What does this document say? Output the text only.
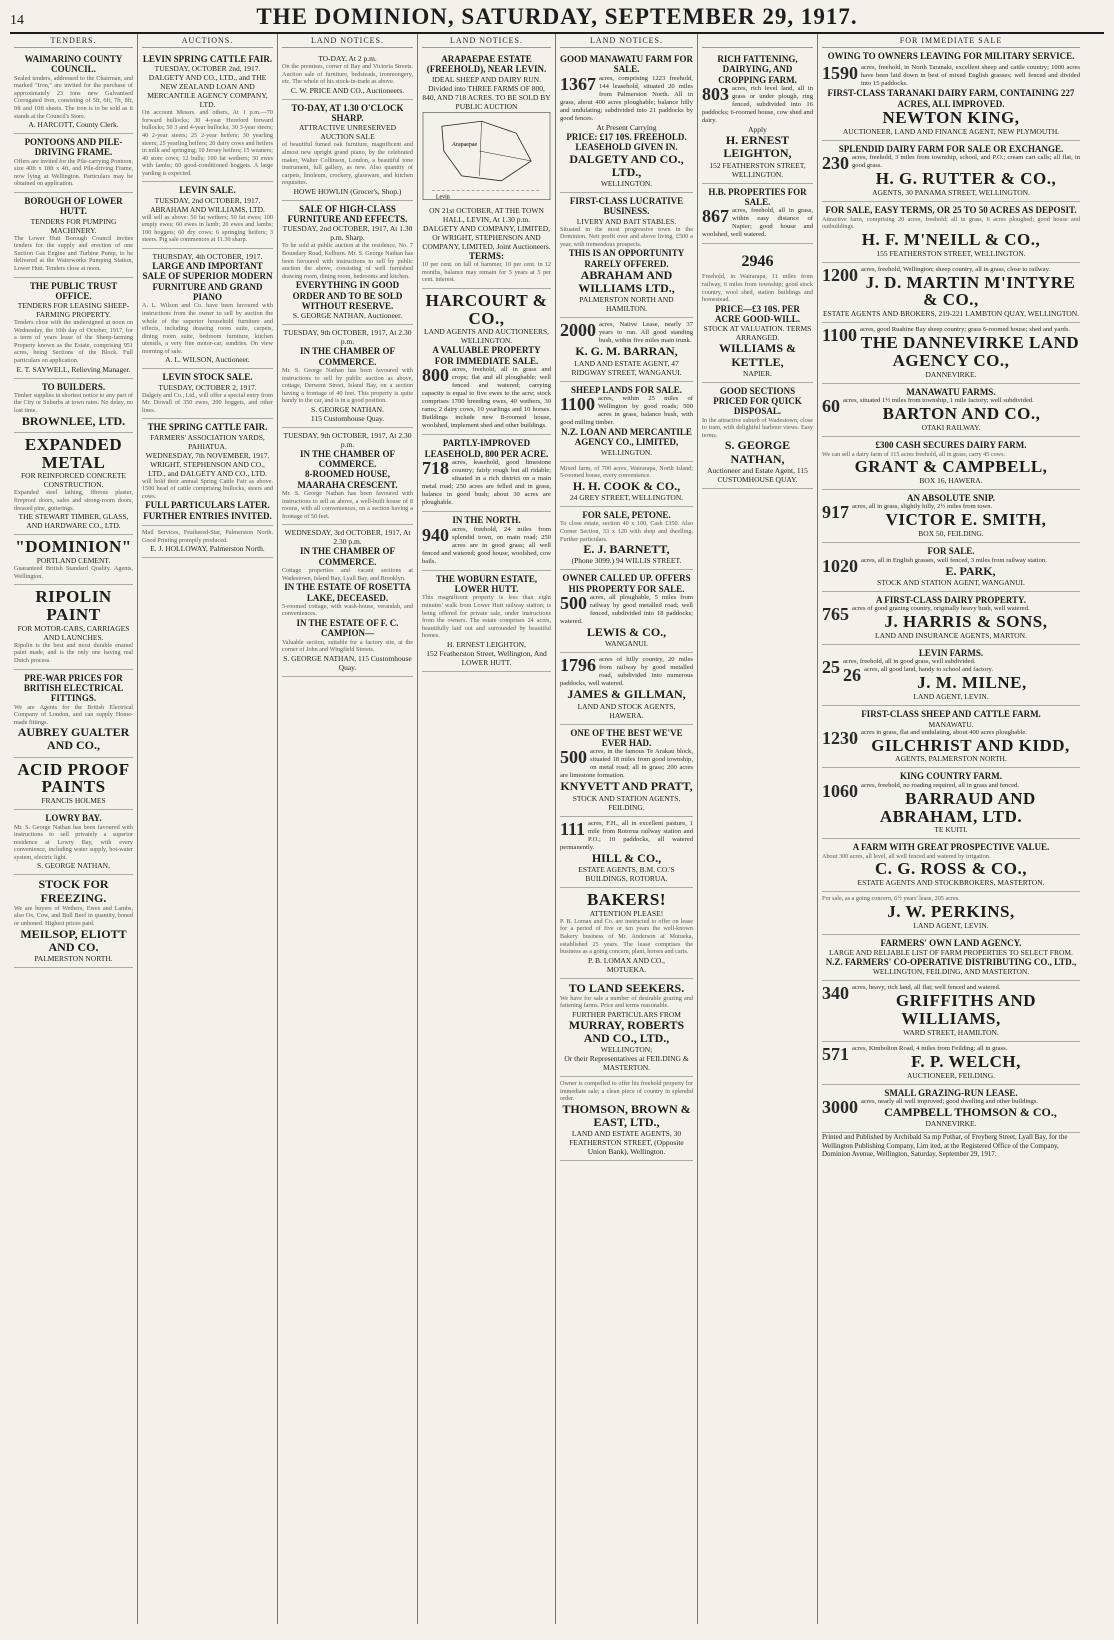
14	THE DOMINION, SATURDAY, SEPTEMBER 29, 1917.
TENDERS.
WAIMARINO COUNTY COUNCIL.
Sealed tenders, addressed to the Chairman, and marked "Iron," are invited for the purchase of approximately 23 tons new Galvanised Corrugated Iron, consisting of 5ft, 6ft, 7ft, 8ft, 9ft and 10ft sheets. The iron is to be sold as it stands at the Council's Store.
A. HARCOTT, County Clerk.
PONTOONS AND PILE-DRIVING FRAME.
Offers are invited for the Pile-carrying Pontoon, size 40ft x 18ft x 4ft, and Pile-driving Frame, now lying at Wellington. Particulars may be obtained on application.
BOROUGH OF LOWER HUTT.
TENDERS FOR PUMPING MACHINERY.
The Lower Hutt Borough Council invites tenders for the supply and erection of one Suction Gas Engine and Turbine Pump, to be delivered at the Waterworks Pumping Station, Lower Hutt. Tenders close at noon.
THE PUBLIC TRUST OFFICE.
TENDERS FOR LEASING SHEEP-FARMING PROPERTY.
Tenders close with the undersigned at noon on Wednesday, the 10th day of October, 1917, for a term of years lease of the Sheep-farming Property known as the Estate, comprising 951 acres, being Sections of the Block. Full particulars on application.
E. T. SAYWELL, Relieving Manager.
TO BUILDERS.
Timber supplies in shortest notice to any part of the City or Suburbs at town rates. No delay, no lost time.
BROWNLEE, LTD.
EXPANDED METAL
FOR REINFORCED CONCRETE CONSTRUCTION.
Expanded steel lathing, fibrous plaster, fireproof doors, safes and strong-room doors, dressed pine, gutterings.
THE STEWART TIMBER, GLASS, AND HARDWARE CO., LTD.
"DOMINION"
PORTLAND CEMENT.
Guaranteed British Standard Quality. Agents, Wellington.
RIPOLIN PAINT
FOR MOTOR-CARS, CARRIAGES AND LAUNCHES.
Ripolin is the best and most durable enamel paint made, and is the only one having real Dutch process.
PRE-WAR PRICES FOR BRITISH ELECTRICAL FITTINGS.
We are Agents for the British Electrical Company of London, and can supply Home-made fittings.
AUBREY GUALTER AND CO.,
ACID PROOF PAINTS
FRANCIS HOLMES
LOWRY BAY.
Mr. S. George Nathan has been favoured with instructions to sell privately a superior residence at Lowry Bay, with every convenience, including water supply, hot-water system, electric light.
S. GEORGE NATHAN,
STOCK FOR FREEZING.
We are buyers of Wethers, Ewes and Lambs, also Ox, Cow, and Bull Beef in quantity, boned or unboned. Highest prices paid.
MEILSOP, ELIOTT AND CO.
PALMERSTON NORTH.
AUCTIONS.
LEVIN SPRING CATTLE FAIR.
TUESDAY, OCTOBER 2nd, 1917.
DALGETY AND CO., LTD., and THE NEW ZEALAND LOAN AND MERCANTILE AGENCY COMPANY, LTD.
On account Messrs. and others, At 1 p.m.—70 forward bullocks; 30 4-year Hereford forward bullocks; 50 3 and 4-year bullocks; 30 3-year steers; 40 2-year steers; 25 2-year heifers; 30 yearling steers; 25 yearling heifers; 20 dairy cows and heifers in milk and springing; 10 Jersey heifers; 15 weaners; 40 store cows; 12 bulls; 100 fat wethers; 30 ewes with lambs; 60 good-conditioned hoggets. A large yarding is expected.
LEVIN SALE.
TUESDAY, 2nd OCTOBER, 1917.
ABRAHAM AND WILLIAMS, LTD.
will sell as above: 50 fat wethers; 50 fat ewes; 100 empty ewes; 60 ewes in lamb; 20 ewes and lambs; 100 hoggets; 60 dry cows; 6 springing heifers; 3 steers. Pig sale commences at 11.30 sharp.
THURSDAY, 4th OCTOBER, 1917.
LARGE AND IMPORTANT SALE OF SUPERIOR MODERN FURNITURE AND GRAND PIANO
A. L. Wilson and Co. have been favoured with instructions from the owner to sell by auction the whole of the superior household furniture and effects, including drawing room suite, carpets, dining room suite, bedroom furniture, kitchen utensils, a very fine motor-car, sundries. On view morning of sale.
A. L. WILSON, Auctioneer.
LEVIN STOCK SALE.
TUESDAY, OCTOBER 2, 1917.
Dalgety and Co., Ltd., will offer a special entry from Mr. Dowall of 350 ewes, 200 hoggets, and other lines.
THE SPRING CATTLE FAIR.
FARMERS' ASSOCIATION YARDS, PAHIATUA.
WEDNESDAY, 7th NOVEMBER, 1917.
WRIGHT, STEPHENSON AND CO., LTD., and DALGETY AND CO., LTD.
will hold their annual Spring Cattle Fair as above. 1500 head of cattle comprising bullocks, steers and cows.
FULL PARTICULARS LATER.
FURTHER ENTRIES INVITED.
Mail Services, Feathered-Star, Palmerston North. Good Printing promptly produced.
E. J. HOLLOWAY, Palmerston North.
LAND NOTICES.
TO-DAY, At 2 p.m.
On the premises, corner of Bay and Victoria Streets. Auction sale of furniture, bedsteads, ironmongery, etc. The whole of his stock-in-trade as above.
C. W. PRICE AND CO., Auctioneers.
TO-DAY, AT 1.30 O'CLOCK SHARP.
ATTRACTIVE UNRESERVED AUCTION SALE
of beautiful fumed oak furniture, magnificent and almost new upright grand piano, by the celebrated maker, Walter Collinson, London, a beautiful tone instrument, full gallery, as new. Also quantity of carpets, linoleum, crockery, glassware, and kitchen requisites.
HOWE HOWLIN (Grocer's, Shop.)
SALE OF HIGH-CLASS FURNITURE AND EFFECTS.
TUESDAY, 2nd OCTOBER, 1917, At 1.30 p.m. Sharp.
To be sold at public auction at the residence, No. 7 Boundary Road, Kelburn. Mr. S. George Nathan has been favoured with instructions to sell by public auction the above, consisting of well furnished drawing room, dining room, bedrooms and kitchen.
EVERYTHING IN GOOD ORDER AND TO BE SOLD WITHOUT RESERVE.
S. GEORGE NATHAN, Auctioneer.
TUESDAY, 9th OCTOBER, 1917, At 2.30 p.m.
IN THE CHAMBER OF COMMERCE.
Mr. S. George Nathan has been favoured with instructions to sell by public auction as above, cottage, Derwent Street, Island Bay, on a section having a frontage of 40 feet. This property is quite handy to the car, and is in a good position.
S. GEORGE NATHAN.
115 Customhouse Quay.
TUESDAY, 9th OCTOBER, 1917, At 2.30 p.m.
IN THE CHAMBER OF COMMERCE.
8-ROOMED HOUSE, MAARAHA CRESCENT.
Mr. S. George Nathan has been favoured with instructions to sell as above, a well-built house of 8 rooms, with all conveniences, on a section having a frontage of 50 feet.
WEDNESDAY, 3rd OCTOBER, 1917, At 2.30 p.m.
IN THE CHAMBER OF COMMERCE.
Cottage properties and vacant sections at Wadestown, Island Bay, Lyall Bay, and Brooklyn.
IN THE ESTATE OF ROSETTA LAKE, DECEASED.
5-roomed cottage, with wash-house, verandah, and conveniences.
IN THE ESTATE OF F. C. CAMPION—
Valuable section, suitable for a factory site, at the corner of John and Wingfield Streets.
S. GEORGE NATHAN, 115 Customhouse Quay.
LAND NOTICES.
ARAPAEPAE ESTATE (FREEHOLD), NEAR LEVIN.
IDEAL SHEEP AND DAIRY RUN. Divided into THREE FARMS OF 800, 840, AND 718 ACRES. TO BE SOLD BY PUBLIC AUCTION
Arapaepae
Levin
ON 21st OCTOBER, AT THE TOWN HALL, LEVIN, At 1.30 p.m.
DALGETY AND COMPANY, LIMITED, Or WRIGHT, STEPHENSON AND COMPANY, LIMITED, Joint Auctioneers.
TERMS:
10 per cent. on fall of hammer, 10 per cent. in 12 months, balance may remain for 5 years at 5 per cent. interest.
HARCOURT & CO.,
LAND AGENTS AND AUCTIONEERS, WELLINGTON.
A VALUABLE PROPERTY FOR IMMEDIATE SALE.
800 acres, freehold, all in grass and crops; flat and all ploughable; well fenced and watered; carrying capacity is equal to five ewes to the acre; stock comprises 1700 breeding ewes, 40 wethers, 30 rams; 2 dairy cows, 10 yearlings and 10 horses. Buildings include new 8-roomed house, woolshed, implement shed and other buildings.
PARTLY-IMPROVED LEASEHOLD, 800 PER ACRE.
718 acres, leasehold, good limestone country; fairly rough but all ridable; situated in a rich district on a main metal road; 250 acres are felled and in grass, balance in good bush; about 30 acres are ploughable.
IN THE NORTH.
940 acres, freehold, 24 miles from splendid town, on main road; 250 acres are in good grass; all well fenced and watered; good house, woolshed, cow bails.
THE WOBURN ESTATE, LOWER HUTT.
This magnificent property is less than eight minutes' walk from Lower Hutt railway station; is being offered for private sale, under instructions from the owners. The estate comprises 24 acres, beautifully laid out and surrounded by beautiful homes.
H. ERNEST LEIGHTON,
152 Featherston Street, Wellington, And LOWER HUTT.
LAND NOTICES.
GOOD MANAWATU FARM FOR SALE.
1367 acres, comprising 1223 freehold, 144 leasehold, situated 20 miles from Palmerston North. All in grass, about 400 acres ploughable; balance hilly and undulating; subdivided into 21 paddocks by good fences.
At Present Carrying
PRICE: £17 10S. FREEHOLD. LEASEHOLD GIVEN IN.
DALGETY AND CO., LTD.,
WELLINGTON.
FIRST-CLASS LUCRATIVE BUSINESS.
LIVERY AND BAIT STABLES.
Situated in the most progressive town in the Dominion. Nett profit over and above living, £500 a year, with tremendous prospects.
THIS IS AN OPPORTUNITY RARELY OFFERED.
ABRAHAM AND WILLIAMS LTD.,
PALMERSTON NORTH AND HAMILTON.
2000 acres, Native Lease, nearly 37 years to run. All good standing bush, within five miles main trunk.
K. G. M. BARRAN,
LAND AND ESTATE AGENT, 47 RIDGWAY STREET, WANGANUI.
SHEEP LANDS FOR SALE.
1100 acres, within 25 miles of Wellington by good roads; 500 acres in grass, balance bush, with good milling timber.
N.Z. LOAN AND MERCANTILE AGENCY CO., LIMITED,
WELLINGTON.
Mixed farm, of 700 acres, Wairarapa, North Island; 5-roomed house, every convenience.
H. H. COOK & CO.,
24 GREY STREET, WELLINGTON.
FOR SALE, PETONE.
To close estate, section 40 x 100, Cash £350. Also Corner Section, 33 x 120 with shop and dwelling. Further particulars.
E. J. BARNETT,
(Phone 3099.) 94 WILLIS STREET.
OWNER CALLED UP. OFFERS HIS PROPERTY FOR SALE.
500 acres, all ploughable, 5 miles from railway by good metalled road; well fenced, subdivided into 18 paddocks; watered.
LEWIS & CO.,
WANGANUI.
1796 acres of hilly country, 20 miles from railway by good metalled road, subdivided into numerous paddocks, well watered.
JAMES & GILLMAN,
LAND AND STOCK AGENTS, HAWERA.
ONE OF THE BEST WE'VE EVER HAD.
500 acres, in the famous Te Arakau block, situated 18 miles from good township, on metal road; all in grass; 200 acres are limestone formation.
KNYVETT AND PRATT,
STOCK AND STATION AGENTS, FEILDING.
111 acres, F.H., all in excellent pasture, 1 mile from Rotorua railway station and P.O.; 10 paddocks, all watered permanently.
HILL & CO.,
ESTATE AGENTS, B.M. CO.'S BUILDINGS, ROTORUA.
BAKERS!
ATTENTION PLEASE!
P. B. Lomax and Co. are instructed to offer on lease for a period of five or ten years the well-known Bakery business of Mr. Anderson at Motueka, established 25 years. The lease comprises the business as a going concern, plant, horses and carts.
P. B. LOMAX AND CO.,
MOTUEKA.
TO LAND SEEKERS.
We have for sale a number of desirable grazing and fattening farms. Price and terms reasonable.
FURTHER PARTICULARS FROM
MURRAY, ROBERTS AND CO., LTD.,
WELLINGTON;
Or their Representatives at FEILDING & MASTERTON.
Owner is compelled to offer his freehold property for immediate sale; a clean piece of country in splendid order.
THOMSON, BROWN & EAST, LTD.,
LAND AND ESTATE AGENTS, 30 FEATHERSTON STREET, (Opposite Union Bank), Wellington.

RICH FATTENING, DAIRYING, AND CROPPING FARM.
803 acres, rich level land, all in grass or under plough, ring fenced, subdivided into 16 paddocks; 6-roomed house, cow shed and dairy.
Apply
H. ERNEST LEIGHTON,
152 FEATHERSTON STREET, WELLINGTON.
H.B. PROPERTIES FOR SALE.
867 acres, freehold, all in grass, within easy distance of Napier; good house and woolshed, well watered.
2946
Freehold, in Wairarapa, 11 miles from railway, 6 miles from township; good stock country, wool shed, station buildings and homestead.
PRICE—£3 10S. PER ACRE GOOD-WILL.
STOCK AT VALUATION. TERMS ARRANGED.
WILLIAMS & KETTLE,
NAPIER.
GOOD SECTIONS PRICED FOR QUICK DISPOSAL.
In the attractive suburb of Wadestown, close to tram, with delightful harbour views. Easy terms.
S. GEORGE NATHAN,
Auctioneer and Estate Agent, 115 CUSTOMHOUSE QUAY.
FOR IMMEDIATE SALE
OWING TO OWNERS LEAVING FOR MILITARY SERVICE.
1590 acres, freehold, in North Taranaki, excellent sheep and cattle country; 1000 acres have been laid down in best of mixed English grasses; well fenced and divided into 15 paddocks.
FIRST-CLASS TARANAKI DAIRY FARM, CONTAINING 227 ACRES, ALL IMPROVED.
NEWTON KING,
AUCTIONEER, LAND AND FINANCE AGENT, NEW PLYMOUTH.
SPLENDID DAIRY FARM FOR SALE OR EXCHANGE.
230 acres, freehold, 3 miles from township, school, and P.O.; cream cart calls; all flat, in good grass.
H. G. RUTTER & CO.,
AGENTS, 30 PANAMA STREET, WELLINGTON.
FOR SALE, EASY TERMS, OR 25 TO 50 ACRES AS DEPOSIT.
Attractive farm, comprising 20 acres, freehold; all in grass, 6 acres ploughed; good house and outbuildings.
H. F. M'NEILL & CO.,
155 FEATHERSTON STREET, WELLINGTON.
1200 acres, freehold, Wellington; sheep country, all in grass, close to railway.
J. D. MARTIN M'INTYRE & CO.,
ESTATE AGENTS AND BROKERS, 219-221 LAMBTON QUAY, WELLINGTON.
1100 acres, good Ruahine Bay sheep country; grass 6-roomed house; shed and yards.
THE DANNEVIRKE LAND AGENCY CO.,
DANNEVIRKE.
MANAWATU FARMS.
60 acres, situated 1½ miles from township, 1 mile factory; well subdivided.
BARTON AND CO.,
OTAKI RAILWAY.
£300 CASH SECURES DAIRY FARM.
We can sell a dairy farm of 115 acres freehold, all in grass, carry 45 cows.
GRANT & CAMPBELL,
BOX 16, HAWERA.
AN ABSOLUTE SNIP.
917 acres, all in grass, slightly hilly, 2½ miles from town.
VICTOR E. SMITH,
BOX 50, FEILDING.
FOR SALE.
1020 acres, all in English grasses, well fenced, 3 miles from railway station.
E. PARK,
STOCK AND STATION AGENT, WANGANUI.
A FIRST-CLASS DAIRY PROPERTY.
765 acres of good grazing country, originally heavy bush, well watered.
J. HARRIS & SONS,
LAND AND INSURANCE AGENTS, MARTON.
LEVIN FARMS.
25 acres, freehold, all in good grass, well subdivided.
26 acres, all good land, handy to school and factory.
J. M. MILNE,
LAND AGENT, LEVIN.
FIRST-CLASS SHEEP AND CATTLE FARM.
MANAWATU.
1230 acres in grass, flat and undulating, about 400 acres ploughable.
GILCHRIST AND KIDD,
AGENTS, PALMERSTON NORTH.
KING COUNTRY FARM.
1060 acres, freehold, no roading required, all in grass and fenced.
BARRAUD AND ABRAHAM, LTD.
TE KUITI.
A FARM WITH GREAT PROSPECTIVE VALUE.
About 300 acres, all level, all well fenced and watered by irrigation.
C. G. ROSS & CO.,
ESTATE AGENTS AND STOCKBROKERS, MASTERTON.
For sale, as a going concern, 6½ years' lease, 205 acres.
J. W. PERKINS,
LAND AGENT, LEVIN.
FARMERS' OWN LAND AGENCY.
LARGE AND RELIABLE LIST OF FARM PROPERTIES TO SELECT FROM.
N.Z. FARMERS' CO-OPERATIVE DISTRIBUTING CO., LTD.,
WELLINGTON, FEILDING, AND MASTERTON.
340 acres, heavy, rich land, all flat; well fenced and watered.
GRIFFITHS AND WILLIAMS,
WARD STREET, HAMILTON.
571 acres, Kimbolton Road, 4 miles from Feilding; all in grass.
F. P. WELCH,
AUCTIONEER, FEILDING.
SMALL GRAZING-RUN LEASE.
3000 acres, nearly all well improved; good dwelling and other buildings.
CAMPBELL THOMSON & CO.,
DANNEVIRKE.
Printed and Published by Archibald Sa mp Pothar, of Freyberg Street, Lyall Bay, for the Wellington Publishing Company, Lim ited, at the Registered Office of the Company, Dominion Avenue, Wellington, Saturday, September 29, 1917.
